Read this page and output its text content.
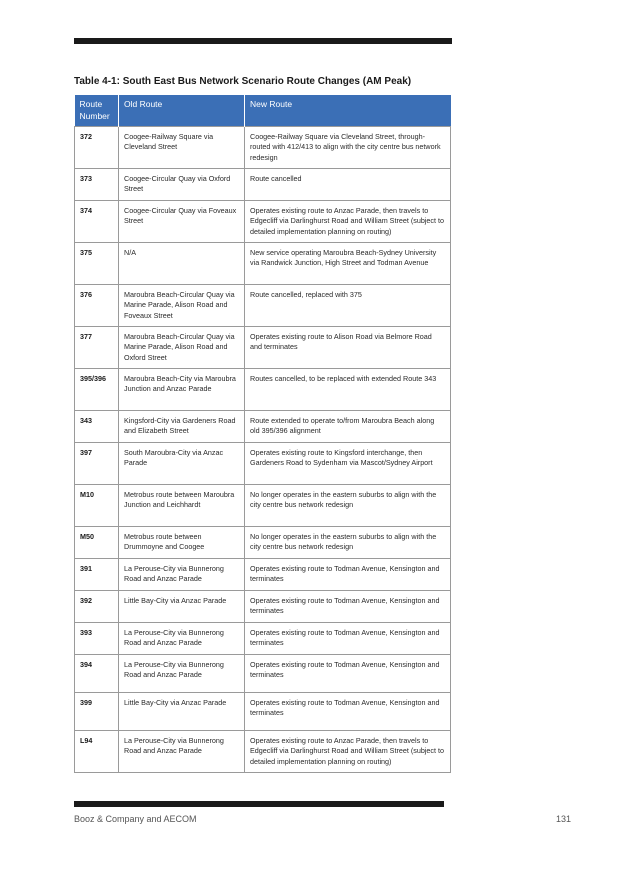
Table 4-1: South East Bus Network Scenario Route Changes (AM Peak)
Route Number	Old Route	New Route
372	Coogee-Railway Square via Cleveland Street	Coogee-Railway Square via Cleveland Street, through-routed with 412/413 to align with the city centre bus network redesign
373	Coogee-Circular Quay via Oxford Street	Route cancelled
374	Coogee-Circular Quay via Foveaux Street	Operates existing route to Anzac Parade, then travels to Edgecliff via Darlinghurst Road and William Street (subject to detailed implementation planning on routing)
375	N/A	New service operating Maroubra Beach-Sydney University via Randwick Junction, High Street and Todman Avenue
376	Maroubra Beach-Circular Quay via Marine Parade, Alison Road and Foveaux Street	Route cancelled, replaced with 375
377	Maroubra Beach-Circular Quay via Marine Parade, Alison Road and Oxford Street	Operates existing route to Alison Road via Belmore Road and terminates
395/396	Maroubra Beach-City via Maroubra Junction and Anzac Parade	Routes cancelled, to be replaced with extended Route 343
343	Kingsford-City via Gardeners Road and Elizabeth Street	Route extended to operate to/from Maroubra Beach along old 395/396 alignment
397	South Maroubra-City via Anzac Parade	Operates existing route to Kingsford interchange, then Gardeners Road to Sydenham via Mascot/Sydney Airport
M10	Metrobus route between Maroubra Junction and Leichhardt	No longer operates in the eastern suburbs to align with the city centre bus network redesign
M50	Metrobus route between Drummoyne and Coogee	No longer operates in the eastern suburbs to align with the city centre bus network redesign
391	La Perouse-City via Bunnerong Road and Anzac Parade	Operates existing route to Todman Avenue, Kensington and terminates
392	Little Bay-City via Anzac Parade	Operates existing route to Todman Avenue, Kensington and terminates
393	La Perouse-City via Bunnerong Road and Anzac Parade	Operates existing route to Todman Avenue, Kensington and terminates
394	La Perouse-City via Bunnerong Road and Anzac Parade	Operates existing route to Todman Avenue, Kensington and terminates
399	Little Bay-City via Anzac Parade	Operates existing route to Todman Avenue, Kensington and terminates
L94	La Perouse-City via Bunnerong Road and Anzac Parade	Operates existing route to Anzac Parade, then travels to Edgecliff via Darlinghurst Road and William Street (subject to detailed implementation planning on routing)
Booz & Company and AECOM	131
